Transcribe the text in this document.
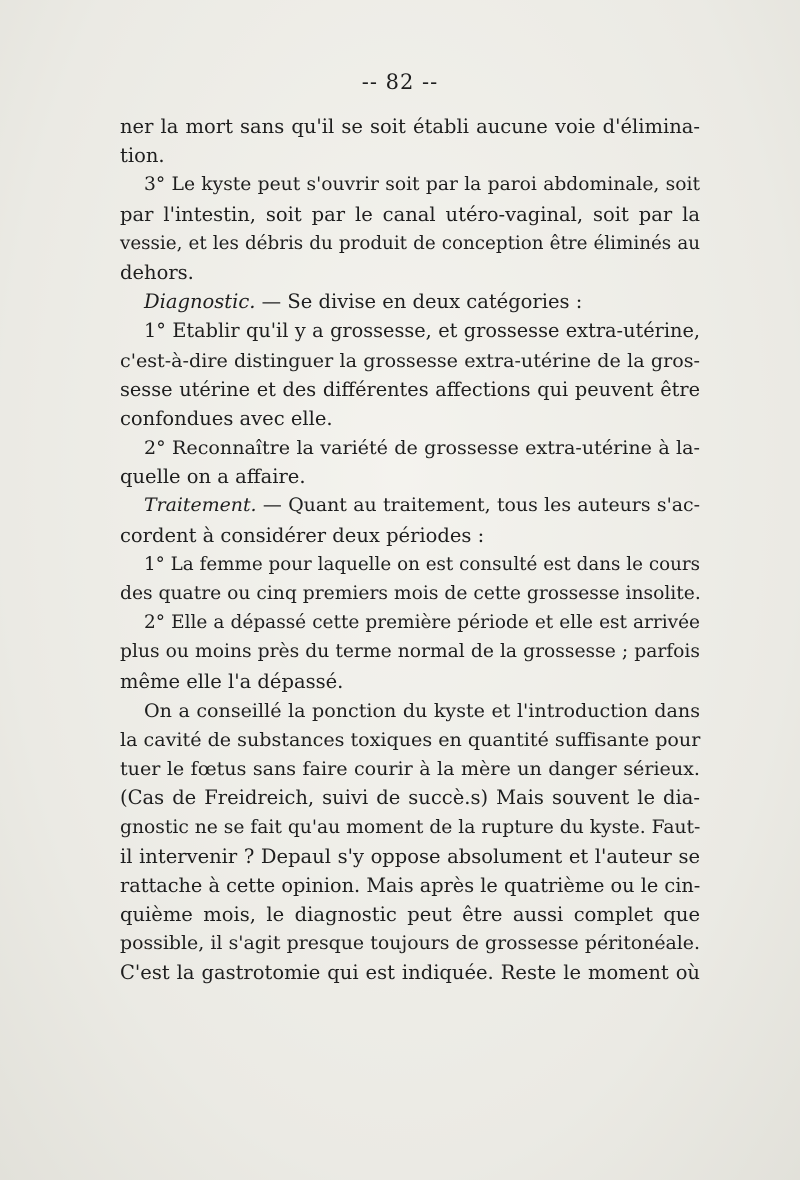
-- 82 --
ner la mort sans qu'il se soit établi aucune voie d'élimina-
tion.
3° Le kyste peut s'ouvrir soit par la paroi abdominale, soit
par l'intestin, soit par le canal utéro-vaginal, soit par la
vessie, et les débris du produit de conception être éliminés au
dehors.
Diagnostic. — Se divise en deux catégories :
1° Etablir qu'il y a grossesse, et grossesse extra-utérine,
c'est-à-dire distinguer la grossesse extra-utérine de la gros-
sesse utérine et des différentes affections qui peuvent être
confondues avec elle.
2° Reconnaître la variété de grossesse extra-utérine à la-
quelle on a affaire.
Traitement. — Quant au traitement, tous les auteurs s'ac-
cordent à considérer deux périodes :
1° La femme pour laquelle on est consulté est dans le cours
des quatre ou cinq premiers mois de cette grossesse insolite.
2° Elle a dépassé cette première période et elle est arrivée
plus ou moins près du terme normal de la grossesse ; parfois
même elle l'a dépassé.
On a conseillé la ponction du kyste et l'introduction dans
la cavité de substances toxiques en quantité suffisante pour
tuer le fœtus sans faire courir à la mère un danger sérieux.
(Cas de Freidreich, suivi de succè.s) Mais souvent le dia-
gnostic ne se fait qu'au moment de la rupture du kyste. Faut-
il intervenir ? Depaul s'y oppose absolument et l'auteur se
rattache à cette opinion. Mais après le quatrième ou le cin-
quième mois, le diagnostic peut être aussi complet que
possible, il s'agit presque toujours de grossesse péritonéale.
C'est la gastrotomie qui est indiquée. Reste le moment où
